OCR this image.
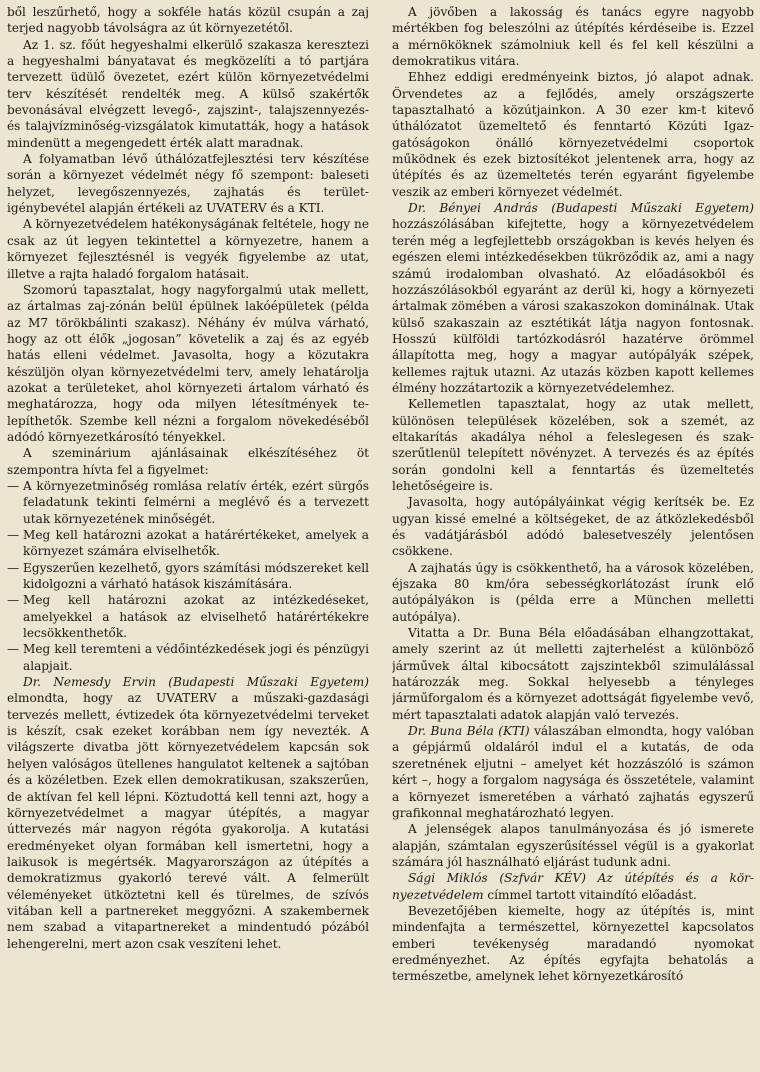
ből leszűrhető, hogy a sokféle hatás közül csupán a zaj terjed nagyobb távolságra az út környezetétől.

Az 1. sz. főút hegyeshalmi elkerülő szakasza keresztezi a hegyeshalmi bányatavat és megközelíti a tó partjára tervezett üdülő övezetet, ezért külön környezetvédelmi terv készítését rendelték meg. A külső szakértők bevonásával elvégzett levegő-, zajszint-, talajszennyezés- és talajvízminőség-vizsgálatok kimutatták, hogy a hatások mindenütt a megengedett érték alatt maradnak.

A folyamatban lévő úthálózatfejlesztési terv készítése során a környezet védelmét négy fő szempont: baleseti helyzet, levegőszennyezés, zajhatás és terület-igénybevétel alapján értékeli az UVATERV és a KTI.

A környezetvédelem hatékonyságának feltétele, hogy ne csak az út legyen tekintettel a környezetre, hanem a környezet fejlesztésnél is vegyék figyelembe az utat, illetve a rajta haladó forgalom hatásait.

Szomorú tapasztalat, hogy nagyforgalmú utak mellett, az ártalmas zaj-zónán belül épülnek lakóépületek (példa az M7 törökbálinti szakasz). Néhány év múlva várható, hogy az ott élők „jogosan” követelik a zaj és az egyéb hatás elleni védelmet. Javasolta, hogy a közutakra készüljön olyan környezetvédelmi terv, amely lehatárolja azokat a területeket, ahol környezeti ártalom várható és meghatározza, hogy oda milyen létesítmények telepíthetők. Szembe kell nézni a forgalom növekedéséből adódó környezetkárosító tényekkel.

A szeminárium ajánlásainak elkészítéséhez öt szempontra hívta fel a figyelmet:

— A környezetminőség romlása relatív érték, ezért sürgős feladatunk tekinti felmérni a meglévő és a tervezett utak környezetének minőségét.

— Meg kell határozni azokat a határértékeket, amelyek a környezet számára elviselhetők.

— Egyszerűen kezelhető, gyors számítási módszereket kell kidolgozni a várható hatások kiszámítására.

— Meg kell határozni azokat az intézkedéseket, amelyekkel a hatások az elviselhető határértékekre lecsökkenthetők.

— Meg kell teremteni a védőintézkedések jogi és pénzügyi alapjait.

Dr. Nemesdy Ervin (Budapesti Műszaki Egyetem) elmondta, hogy az UVATERV a műszaki-gazdasági tervezés mellett, évtizedek óta környezetvédelmi terveket is készít, csak ezeket korábban nem így nevezték. A világszerte divatba jött környezetvédelem kapcsán sok helyen valóságos ütellenes hangulatot keltenek a sajtóban és a közéletben. Ezek ellen demokratikusan, szakszerűen, de aktívan fel kell lépni. Köztudottá kell tenni azt, hogy a környezetvédelmet a magyar útépítés, a magyar úttervezés már nagyon régóta gyakorolja. A kutatási eredményeket olyan formában kell ismertetni, hogy a laikusok is megértsék. Magyarországon az útépítés a demokratizmus gyakorló terevé vált. A felmerült véleményeket ütköztetni kell és türelmes, de szívós vitában kell a partnereket meggyőzni. A szakembernek nem szabad a vitapartnereket a mindentudó pózából lehengerelni, mert azon csak veszíteni lehet.

A jövőben a lakosság és tanács egyre nagyobb mértékben fog beleszólni az útépítés kérdéseibe is. Ezzel a mérnököknek számolniuk kell és fel kell készülni a demokratikus vitára.

Ehhez eddigi eredményeink biztos, jó alapot adnak. Örvendetes az a fejlődés, amely országszerte tapasztalható a közútjainkon. A 30 ezer km-t kitevő úthálózatot üzemeltető és fenntartó Közúti Igazgatóságokon önálló környezetvédelmi csoportok működnek és ezek biztosítékot jelentenek arra, hogy az útépítés és az üzemeltetés terén egyaránt figyelembe veszik az emberi környezet védelmét.

Dr. Bényei András (Budapesti Műszaki Egyetem) hozzászólásában kifejtette, hogy a környezetvédelem terén még a legfejlettebb országokban is kevés helyen és egészen elemi intézkedésekben tükröződik az, ami a nagy számú irodalomban olvasható. Az előadásokból és hozzászólásokból egyaránt az derül ki, hogy a környezeti ártalmak zömében a városi szakaszokon dominálnak. Utak külső szakaszain az esztétikát látja nagyon fontosnak. Hosszú külföldi tartózkodásról hazatérve örömmel állapította meg, hogy a magyar autópályák szépek, kellemes rajtuk utazni. Az utazás közben kapott kellemes élmény hozzátartozik a környezetvédelemhez.

Kellemetlen tapasztalat, hogy az utak mellett, különösen települések közelében, sok a szemét, az eltakarítás akadálya néhol a feleslegesen és szakszerűtlenül telepített növényzet. A tervezés és az építés során gondolni kell a fenntartás és üzemeltetés lehetőségeire is.

Javasolta, hogy autópályáinkat végig kerítsék be. Ez ugyan kissé emelné a költségeket, de az átközlekedésből és vadátjárásból adódó balesetveszély jelentősen csökkene.

A zajhatás úgy is csökkenthető, ha a városok közelében, éjszaka 80 km/óra sebességkorlátozást írunk elő autópályákon is (példa erre a München melletti autópálya).

Vitatta a Dr. Buna Béla előadásában elhangzottakat, amely szerint az út melletti zajterhelést a különböző járművek által kibocsátott zajszintekből szimulálással határozzák meg. Sokkal helyesebb a tényleges járműforgalom és a környezet adottságát figyelembe vevő, mért tapasztalati adatok alapján való tervezés.

Dr. Buna Béla (KTI) válaszában elmondta, hogy valóban a gépjármű oldaláról indul el a kutatás, de oda szeretnének eljutni – amelyet két hozzászóló is számon kért –, hogy a forgalom nagysága és összetétele, valamint a környezet ismeretében a várható zajhatás egyszerű grafikonnal meghatározható legyen.

A jelenségek alapos tanulmányozása és jó ismerete alapján, számtalan egyszerűsítéssel végül is a gyakorlat számára jól használható eljárást tudunk adni.

Sági Miklós (Szfvár KÉV) Az útépítés és a környezetvédelem címmel tartott vitaindító előadást.

Bevezetőjében kiemelte, hogy az útépítés is, mint mindenfajta a természettel, környezettel kapcsolatos emberi tevékenység maradandó nyomokat eredményezhet. Az építés egyfajta behatolás a természetbe, amelynek lehet környezetkárosító
